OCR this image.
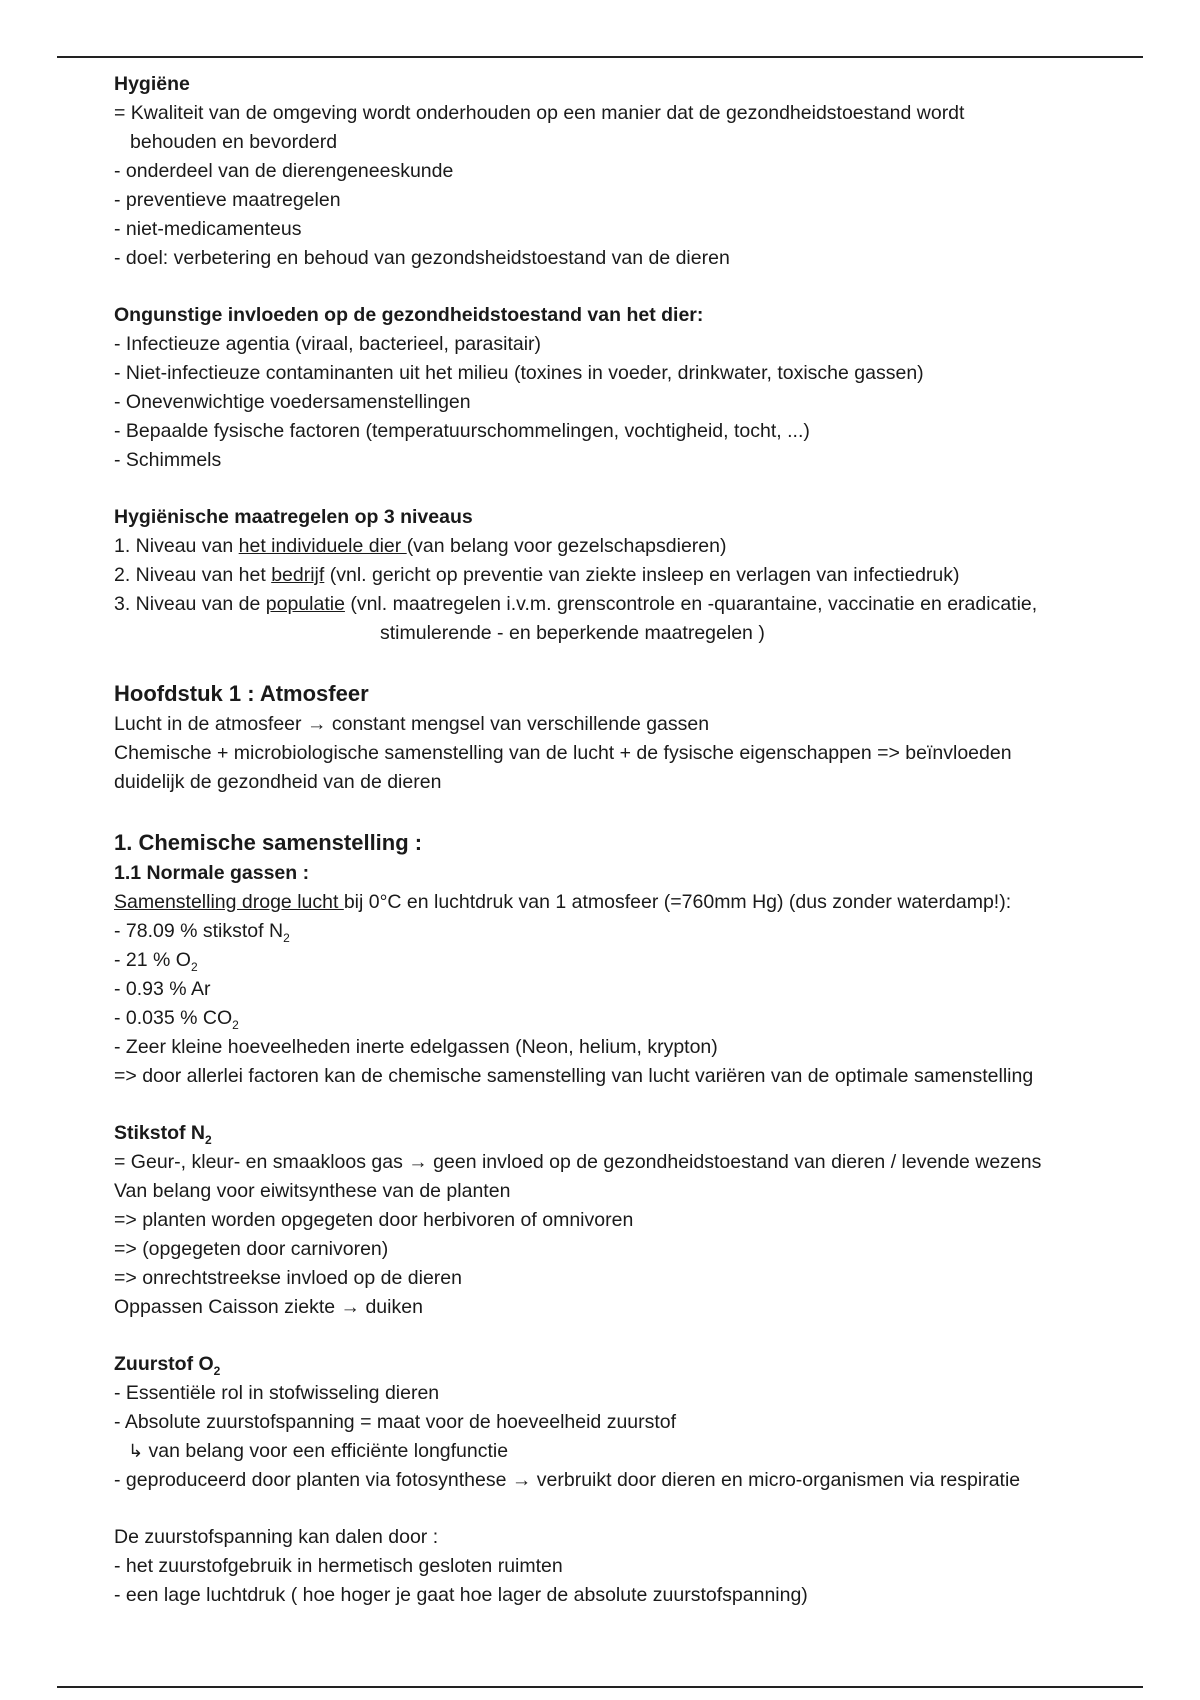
Hygiëne
= Kwaliteit van de omgeving wordt onderhouden op een manier dat de gezondheidstoestand wordt
behouden en bevorderd
- onderdeel van de dierengeneeskunde
- preventieve maatregelen
- niet-medicamenteus
- doel: verbetering en behoud van gezondsheidstoestand van de dieren
Ongunstige invloeden op de gezondheidstoestand van het dier:
- Infectieuze agentia (viraal, bacterieel, parasitair)
- Niet-infectieuze contaminanten uit het milieu (toxines in voeder, drinkwater, toxische gassen)
- Onevenwichtige voedersamenstellingen
- Bepaalde fysische factoren (temperatuurschommelingen, vochtigheid, tocht, ...)
- Schimmels
Hygiënische maatregelen op 3 niveaus
1. Niveau van het individuele dier (van belang voor gezelschapsdieren)
2. Niveau van het bedrijf (vnl. gericht op preventie van ziekte insleep en verlagen van infectiedruk)
3. Niveau van de populatie (vnl. maatregelen i.v.m. grenscontrole en -quarantaine, vaccinatie en eradicatie,
stimulerende - en beperkende maatregelen )
Hoofdstuk 1 : Atmosfeer
Lucht in de atmosfeer → constant mengsel van verschillende gassen
Chemische + microbiologische samenstelling van de lucht + de fysische eigenschappen => beïnvloeden
duidelijk de gezondheid van de dieren
1. Chemische samenstelling :
1.1 Normale gassen :
Samenstelling droge lucht bij 0°C en luchtdruk van 1 atmosfeer (=760mm Hg) (dus zonder waterdamp!):
- 78.09 % stikstof $N_2$
- 21 % $O_2$
- 0.93 % Ar
- 0.035 % $CO_2$
- Zeer kleine hoeveelheden inerte edelgassen (Neon, helium, krypton)
=> door allerlei factoren kan de chemische samenstelling van lucht variëren van de optimale samenstelling
Stikstof $N_2$
= Geur-, kleur- en smaakloos gas → geen invloed op de gezondheidstoestand van dieren / levende wezens
Van belang voor eiwitsynthese van de planten
=> planten worden opgegeten door herbivoren of omnivoren
=> (opgegeten door carnivoren)
=> onrechtstreekse invloed op de dieren
Oppassen Caisson ziekte → duiken
Zuurstof $O_2$
- Essentiële rol in stofwisseling dieren
- Absolute zuurstofspanning = maat voor de hoeveelheid zuurstof
↳ van belang voor een efficiënte longfunctie
- geproduceerd door planten via fotosynthese → verbruikt door dieren en micro-organismen via respiratie
De zuurstofspanning kan dalen door :
- het zuurstofgebruik in hermetisch gesloten ruimten
- een lage luchtdruk ( hoe hoger je gaat hoe lager de absolute zuurstofspanning)
